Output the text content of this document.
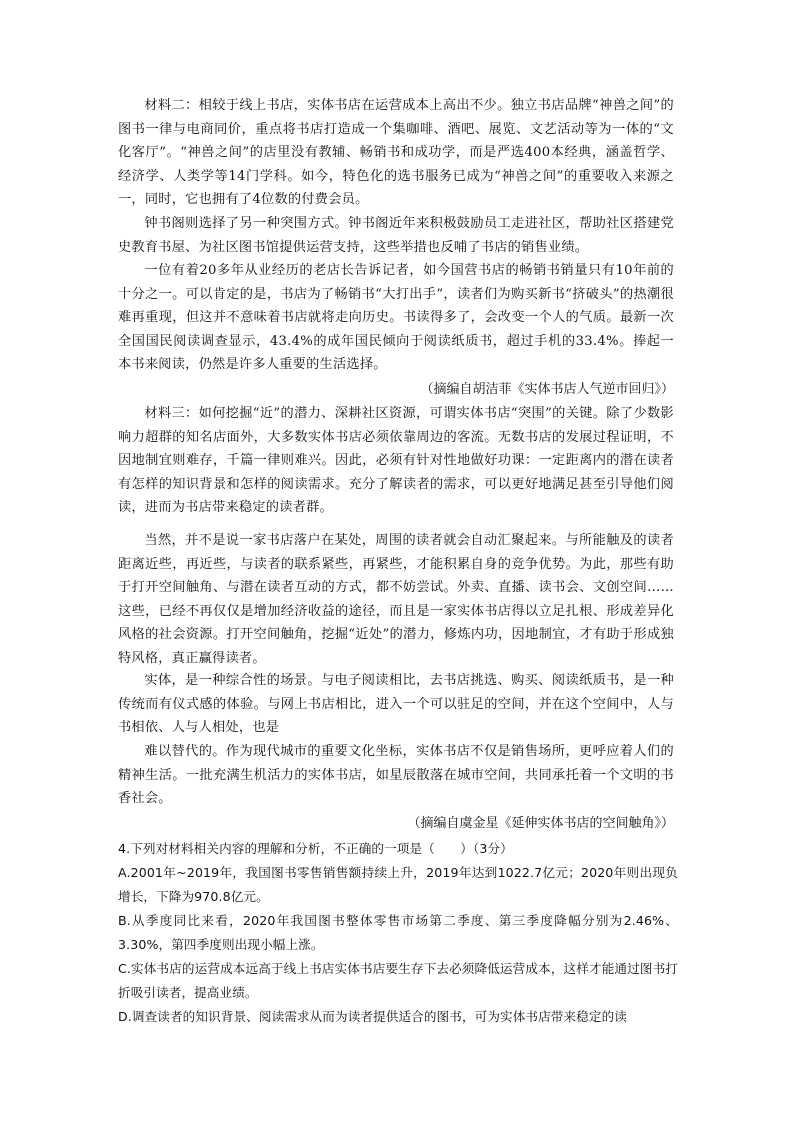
材料二：相较于线上书店，实体书店在运营成本上高出不少。独立书店品牌“神兽之间”的图书一律与电商同价，重点将书店打造成一个集咖啡、酒吧、展览、文艺活动等为一体的“文化客厅”。“神兽之间”的店里没有教辅、畅销书和成功学，而是严选400本经典，涵盖哲学、经济学、人类学等14门学科。如今，特色化的选书服务已成为“神兽之间”的重要收入来源之一，同时，它也拥有了4位数的付费会员。
钟书阁则选择了另一种突围方式。钟书阁近年来积极鼓励员工走进社区，帮助社区搭建党史教育书屋、为社区图书馆提供运营支持，这些举措也反哺了书店的销售业绩。
一位有着20多年从业经历的老店长告诉记者，如今国营书店的畅销书销量只有10年前的十分之一。可以肯定的是，书店为了畅销书“大打出手”，读者们为购买新书“挤破头”的热潮很难再重现，但这并不意味着书店就将走向历史。书读得多了，会改变一个人的气质。最新一次全国国民阅读调查显示，43.4%的成年国民倾向于阅读纸质书，超过手机的33.4%。捧起一本书来阅读，仍然是许多人重要的生活选择。
（摘编自胡洁菲《实体书店人气逆市回归》）
材料三：如何挖掘“近”的潜力、深耕社区资源，可谓实体书店“突围”的关键。除了少数影响力超群的知名店面外，大多数实体书店必须依靠周边的客流。无数书店的发展过程证明，不因地制宜则难存，千篇一律则难兴。因此，必须有针对性地做好功课：一定距离内的潜在读者有怎样的知识背景和怎样的阅读需求。充分了解读者的需求，可以更好地满足甚至引导他们阅读，进而为书店带来稳定的读者群。
当然，并不是说一家书店落户在某处，周围的读者就会自动汇聚起来。与所能触及的读者距离近些，再近些，与读者的联系紧些，再紧些，才能积累自身的竞争优势。为此，那些有助于打开空间触角、与潜在读者互动的方式，都不妨尝试。外卖、直播、读书会、文创空间……这些，已经不再仅仅是增加经济收益的途径，而且是一家实体书店得以立足扎根、形成差异化风格的社会资源。打开空间触角，挖掘“近处”的潜力，修炼内功，因地制宜，才有助于形成独特风格，真正赢得读者。
实体，是一种综合性的场景。与电子阅读相比，去书店挑选、购买、阅读纸质书，是一种传统而有仪式感的体验。与网上书店相比，进入一个可以驻足的空间，并在这个空间中，人与书相依、人与人相处，也是
难以替代的。作为现代城市的重要文化坐标，实体书店不仅是销售场所，更呼应着人们的精神生活。一批充满生机活力的实体书店，如星辰散落在城市空间，共同承托着一个文明的书香社会。
（摘编自虞金星《延伸实体书店的空间触角》）
4.下列对材料相关内容的理解和分析，不正确的一项是（　　）（3分）
A.2001年~2019年，我国图书零售销售额持续上升，2019年达到1022.7亿元；2020年则出现负增长，下降为970.8亿元。
B.从季度同比来看，2020年我国图书整体零售市场第二季度、第三季度降幅分别为2.46%、3.30%，第四季度则出现小幅上涨。
C.实体书店的运营成本远高于线上书店实体书店要生存下去必须降低运营成本，这样才能通过图书打折吸引读者，提高业绩。
D.调查读者的知识背景、阅读需求从而为读者提供适合的图书，可为实体书店带来稳定的读
